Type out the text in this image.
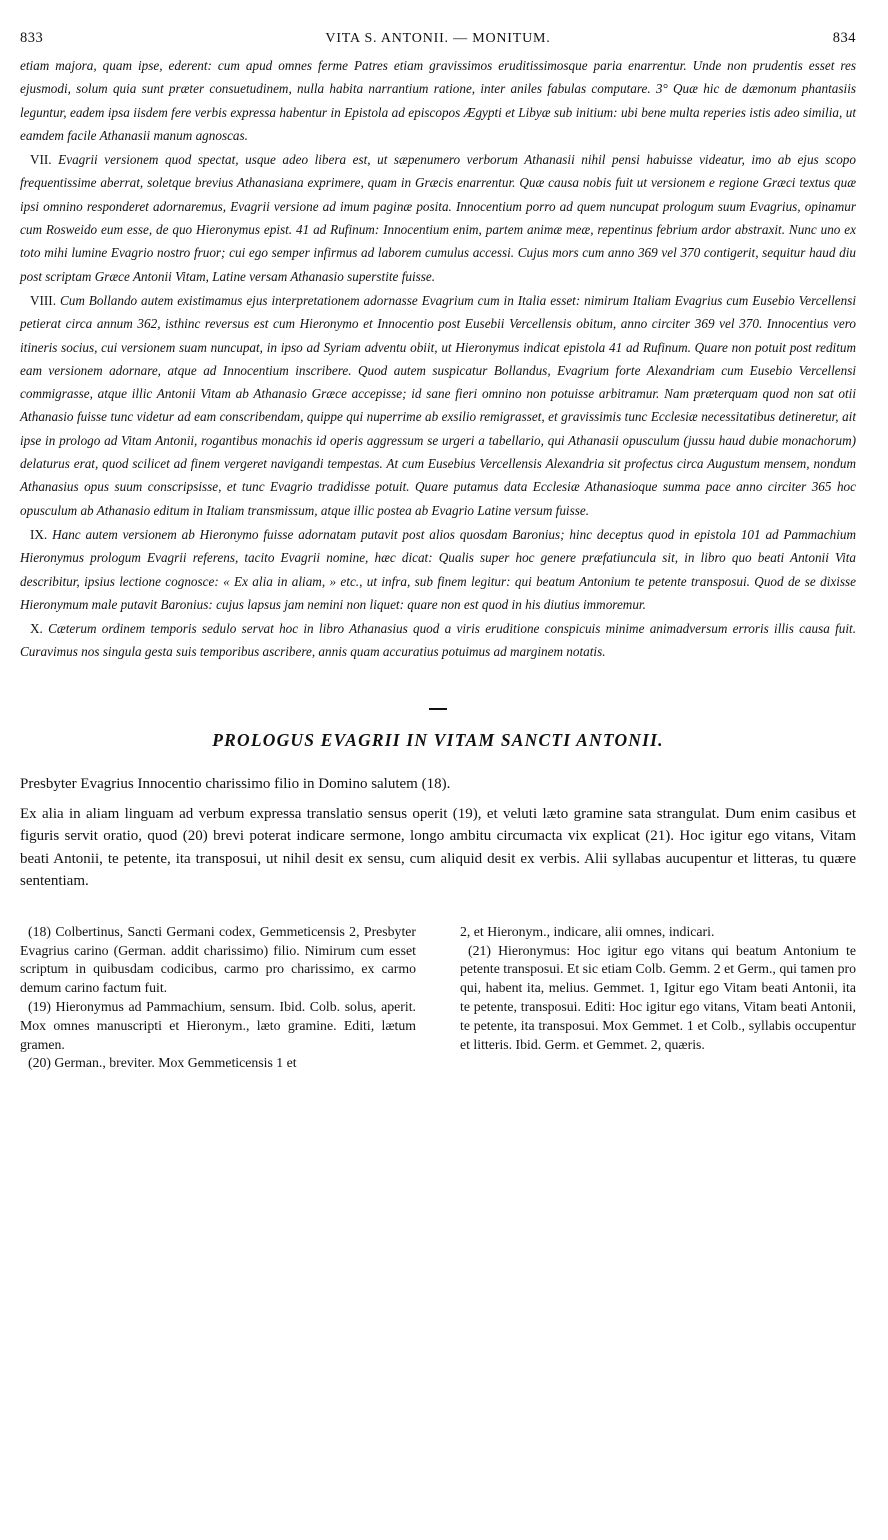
833	VITA S. ANTONII. — MONITUM.	834

etiam majora, quam ipse, ederent: cum apud omnes ferme Patres etiam gravissimos eruditissimosque paria enarrentur. Unde non prudentis esset res ejusmodi, solum quia sunt præter consuetudinem, nulla habita narrantium ratione, inter aniles fabulas computare. 3° Quæ hic de dæmonum phantasiis leguntur, eadem ipsa iisdem fere verbis expressa habentur in Epistola ad episcopos Ægypti et Libyæ sub initium: ubi bene multa reperies istis adeo similia, ut eamdem facile Athanasii manum agnoscas.

VII. Evagrii versionem quod spectat, usque adeo libera est, ut sæpenumero verborum Athanasii nihil pensi habuisse videatur, imo ab ejus scopo frequentissime aberrat, soletque brevius Athanasiana exprimere, quam in Græcis enarrentur. Quæ causa nobis fuit ut versionem e regione Græci textus quæ ipsi omnino responderet adornaremus, Evagrii versione ad imum paginæ posita. Innocentium porro ad quem nuncupat prologum suum Evagrius, opinamur cum Rosweido eum esse, de quo Hieronymus epist. 41 ad Rufinum: Innocentium enim, partem animæ meæ, repentinus febrium ardor abstraxit. Nunc uno ex toto mihi lumine Evagrio nostro fruor; cui ego semper infirmus ad laborem cumulus accessi. Cujus mors cum anno 369 vel 370 contigerit, sequitur haud diu post scriptam Græce Antonii Vitam, Latine versam Athanasio superstite fuisse.

VIII. Cum Bollando autem existimamus ejus interpretationem adornasse Evagrium cum in Italia esset: nimirum Italiam Evagrius cum Eusebio Vercellensi petierat circa annum 362, isthinc reversus est cum Hieronymo et Innocentio post Eusebii Vercellensis obitum, anno circiter 369 vel 370. Innocentius vero itineris socius, cui versionem suam nuncupat, in ipso ad Syriam adventu obiit, ut Hieronymus indicat epistola 41 ad Rufinum. Quare non potuit post reditum eam versionem adornare, atque ad Innocentium inscribere. Quod autem suspicatur Bollandus, Evagrium forte Alexandriam cum Eusebio Vercellensi commigrasse, atque illic Antonii Vitam ab Athanasio Græce accepisse; id sane fieri omnino non potuisse arbitramur. Nam præterquam quod non sat otii Athanasio fuisse tunc videtur ad eam conscribendam, quippe qui nuperrime ab exsilio remigrasset, et gravissimis tunc Ecclesiæ necessitatibus detineretur, ait ipse in prologo ad Vitam Antonii, rogantibus monachis id operis aggressum se urgeri a tabellario, qui Athanasii opusculum (jussu haud dubie monachorum) delaturus erat, quod scilicet ad finem vergeret navigandi tempestas. At cum Eusebius Vercellensis Alexandria sit profectus circa Augustum mensem, nondum Athanasius opus suum conscripsisse, et tunc Evagrio tradidisse potuit. Quare putamus data Ecclesiæ Athanasioque summa pace anno circiter 365 hoc opusculum ab Athanasio editum in Italiam transmissum, atque illic postea ab Evagrio Latine versum fuisse.

IX. Hanc autem versionem ab Hieronymo fuisse adornatam putavit post alios quosdam Baronius; hinc deceptus quod in epistola 101 ad Pammachium Hieronymus prologum Evagrii referens, tacito Evagrii nomine, hæc dicat: Qualis super hoc genere præfatiuncula sit, in libro quo beati Antonii Vita describitur, ipsius lectione cognosce: « Ex alia in aliam, » etc., ut infra, sub finem legitur: qui beatum Antonium te petente transposui. Quod de se dixisse Hieronymum male putavit Baronius: cujus lapsus jam nemini non liquet: quare non est quod in his diutius immoremur.

X. Cæterum ordinem temporis sedulo servat hoc in libro Athanasius quod a viris eruditione conspicuis minime animadversum erroris illis causa fuit. Curavimus nos singula gesta suis temporibus ascribere, annis quam accuratius potuimus ad marginem notatis.

PROLOGUS EVAGRII IN VITAM SANCTI ANTONII.

Presbyter Evagrius Innocentio charissimo filio in Domino salutem (18).

Ex alia in aliam linguam ad verbum expressa translatio sensus operit (19), et veluti læto gramine sata strangulat. Dum enim casibus et figuris servit oratio, quod (20) brevi poterat indicare sermone, longo ambitu circumacta vix explicat (21). Hoc igitur ego vitans, Vitam beati Antonii, te petente, ita transposui, ut nihil desit ex sensu, cum aliquid desit ex verbis. Alii syllabas aucupentur et litteras, tu quære sententiam.

(18) Colbertinus, Sancti Germani codex, Gemmeticensis 2, Presbyter Evagrius carino (German. addit charissimo) filio. Nimirum cum esset scriptum in quibusdam codicibus, carmo pro charissimo, ex carmo demum carino factum fuit.

(19) Hieronymus ad Pammachium, sensum. Ibid. Colb. solus, aperit. Mox omnes manuscripti et Hieronym., læto gramine. Editi, lætum gramen.

(20) German., breviter. Mox Gemmeticensis 1 et

2, et Hieronym., indicare, alii omnes, indicari.

(21) Hieronymus: Hoc igitur ego vitans qui beatum Antonium te petente transposui. Et sic etiam Colb. Gemm. 2 et Germ., qui tamen pro qui, habent ita, melius. Gemmet. 1, Igitur ego Vitam beati Antonii, ita te petente, transposui. Editi: Hoc igitur ego vitans, Vitam beati Antonii, te petente, ita transposui. Mox Gemmet. 1 et Colb., syllabis occupentur et litteris. Ibid. Germ. et Gemmet. 2, quæris.
